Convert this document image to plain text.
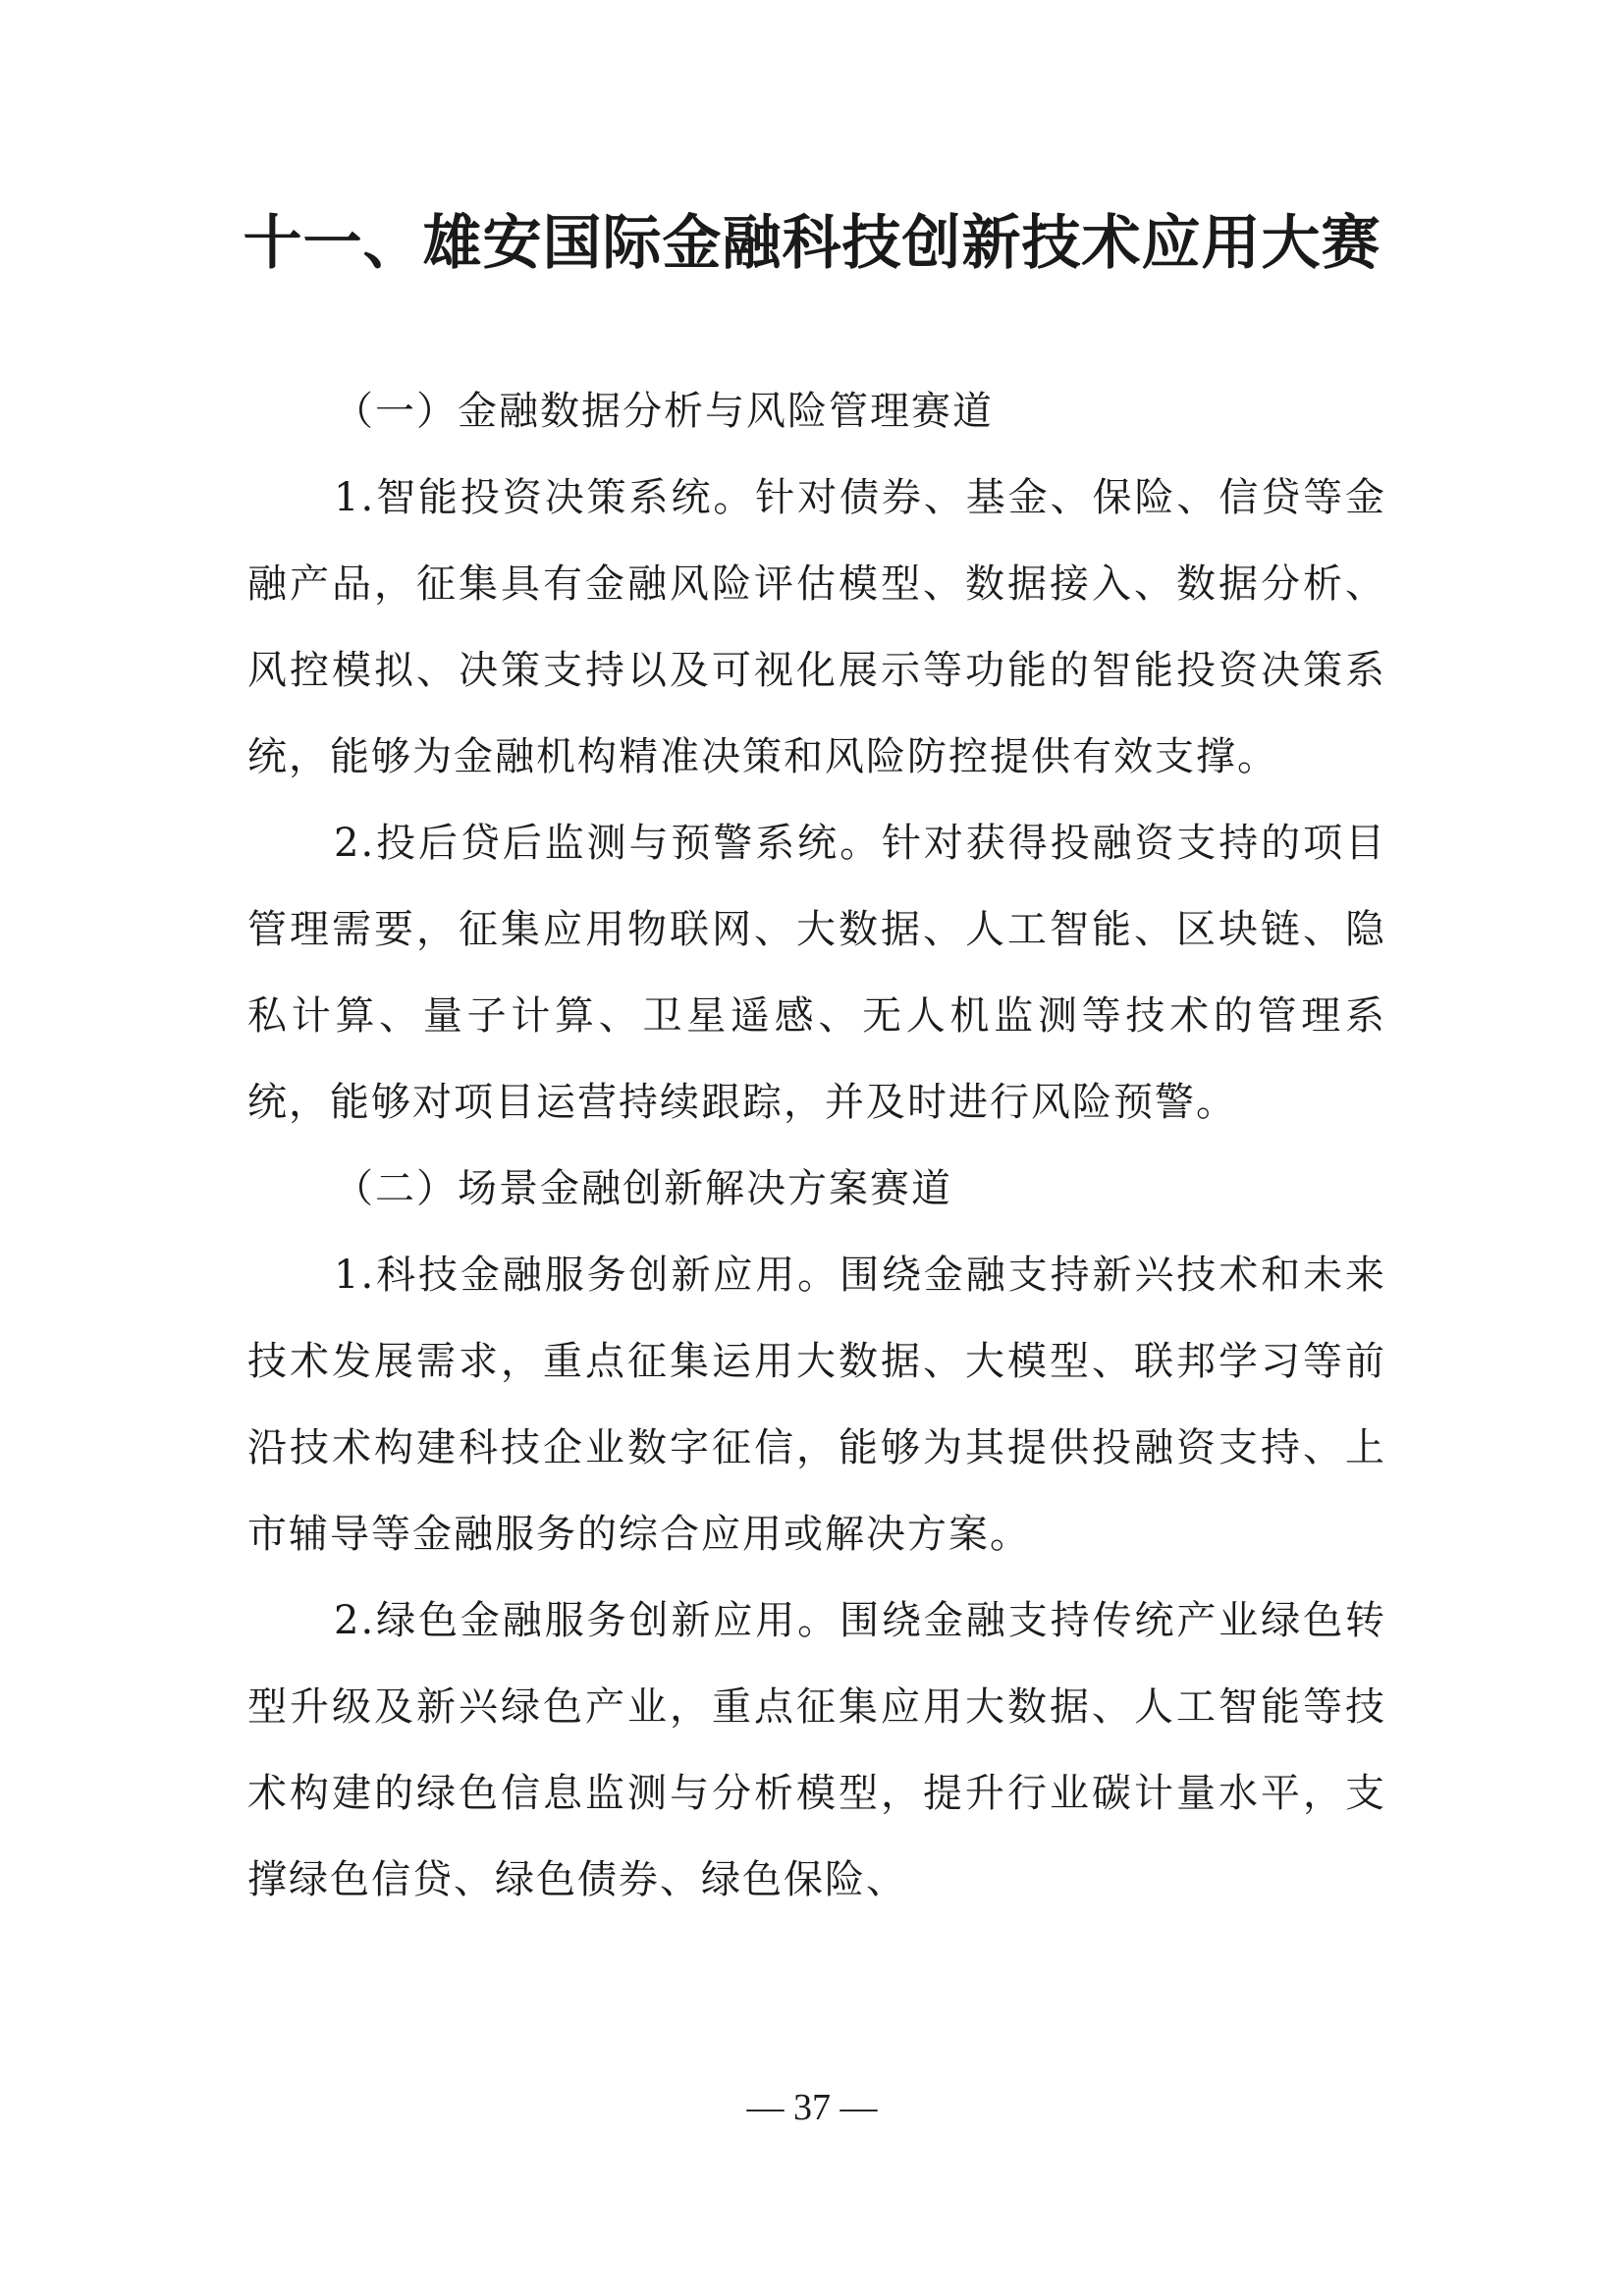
十一、雄安国际金融科技创新技术应用大赛

（一）金融数据分析与风险管理赛道

1.智能投资决策系统。针对债券、基金、保险、信贷等金融产品，征集具有金融风险评估模型、数据接入、数据分析、风控模拟、决策支持以及可视化展示等功能的智能投资决策系统，能够为金融机构精准决策和风险防控提供有效支撑。

2.投后贷后监测与预警系统。针对获得投融资支持的项目管理需要，征集应用物联网、大数据、人工智能、区块链、隐私计算、量子计算、卫星遥感、无人机监测等技术的管理系统，能够对项目运营持续跟踪，并及时进行风险预警。

（二）场景金融创新解决方案赛道

1.科技金融服务创新应用。围绕金融支持新兴技术和未来技术发展需求，重点征集运用大数据、大模型、联邦学习等前沿技术构建科技企业数字征信，能够为其提供投融资支持、上市辅导等金融服务的综合应用或解决方案。

2.绿色金融服务创新应用。围绕金融支持传统产业绿色转型升级及新兴绿色产业，重点征集应用大数据、人工智能等技术构建的绿色信息监测与分析模型，提升行业碳计量水平，支撑绿色信贷、绿色债券、绿色保险、

— 37 —
